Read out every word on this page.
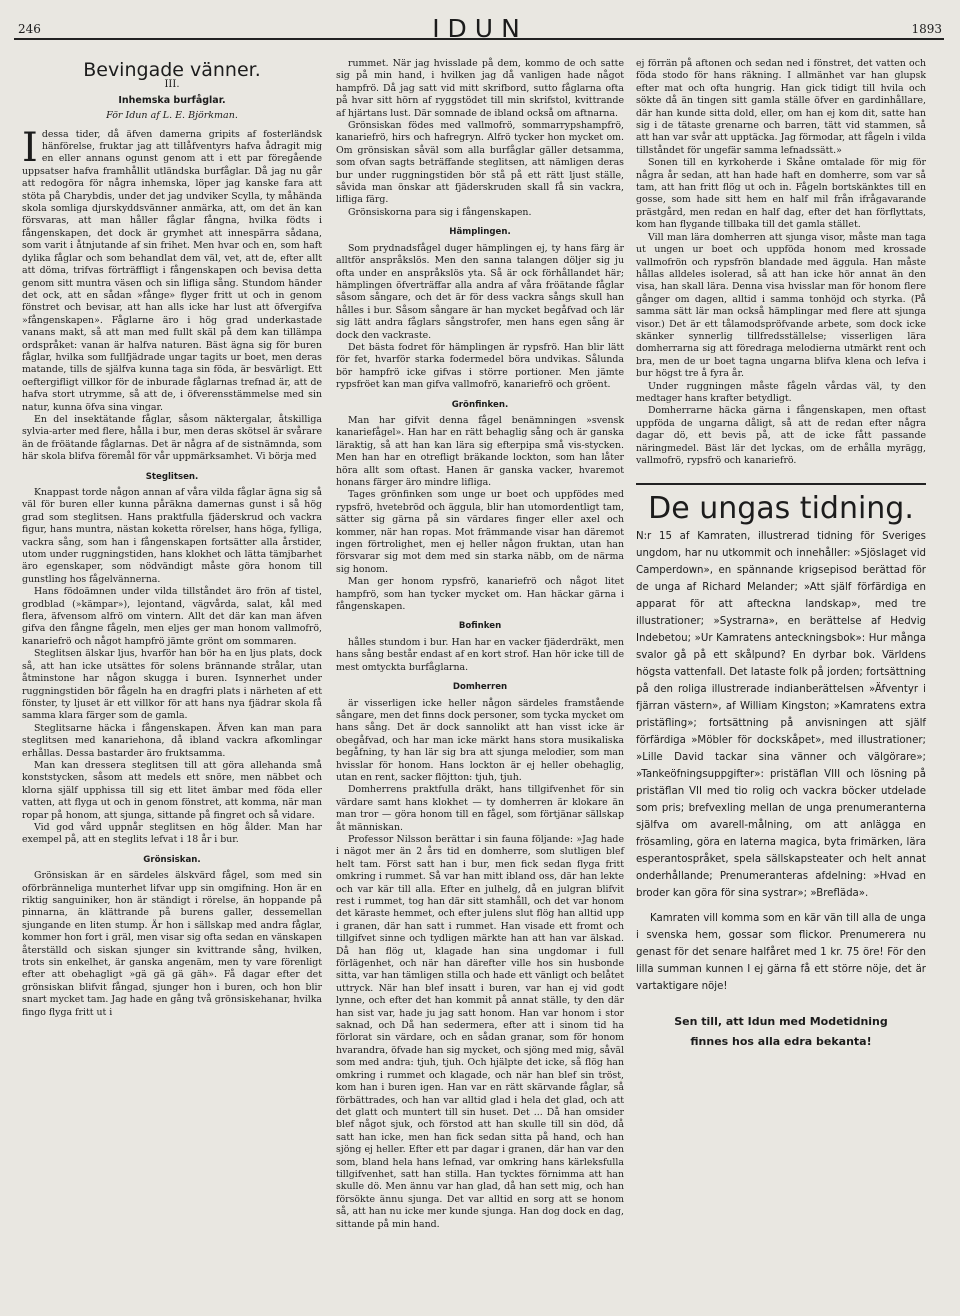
246	IDUN	1893
Bevingade vänner.
III.
Inhemska burfåglar.
För Idun af L. E. Björkman.

Idessa tider, då äfven damerna gripits af fosterländsk hänförelse, fruktar jag att tillåfventyrs hafva ådragit mig en eller annans ogunst genom att i ett par föregående uppsatser hafva framhållit utländska burfåglar. Då jag nu går att redogöra för några inhemska, löper jag kanske fara att stöta på Charybdis, under det jag undviker Scylla, ty måhända skola somliga djurskyddsvänner anmärka, att, om det än kan försvaras, att man håller fåglar fångna, hvilka födts i fångenskapen, det dock är grymhet att innespärra sådana, som varit i åtnjutande af sin frihet. Men hvar och en, som haft dylika fåglar och som behandlat dem väl, vet, att de, efter allt att döma, trifvas förträffligt i fångenskapen och bevisa detta genom sitt muntra väsen och sin lifliga sång. Stundom händer det ock, att en sådan »fånge» flyger fritt ut och in genom fönstret och bevisar, att han alls icke har lust att öfvergifva »fångenskapen». Fåglarne äro i hög grad underkastade vanans makt, så att man med fullt skäl på dem kan tillämpa ordspråket: vanan är halfva naturen. Bäst ägna sig för buren fåglar, hvilka som fullfjädrade ungar tagits ur boet, men deras matande, tills de själfva kunna taga sin föda, är besvärligt. Ett oeftergifligt villkor för de inburade fåglarnas trefnad är, att de hafva stort utrymme, så att de, i öfverensstämmelse med sin natur, kunna öfva sina vingar.

En del insektätande fåglar, såsom näktergalar, åtskilliga sylvia-arter med flere, hålla i bur, men deras skötsel är svårare än de fröätande fåglarnas. Det är några af de sistnämnda, som här skola blifva föremål för vår uppmärksamhet. Vi börja med

Steglitsen.

Knappast torde någon annan af våra vilda fåglar ägna sig så väl för buren eller kunna påräkna damernas gunst i så hög grad som steglitsen. Hans praktfulla fjäderskrud och vackra figur, hans muntra, nästan koketta rörelser, hans höga, fylliga, vackra sång, som han i fångenskapen fortsätter alla årstider, utom under ruggningstiden, hans klokhet och lätta tämjbarhet äro egenskaper, som nödvändigt måste göra honom till gunstling hos fågelvännerna.

Hans födoämnen under vilda tillståndet äro frön af tistel, grodblad (»kämpar»), lejontand, vägvårda, salat, kål med flera, äfvensom alfrö om vintern. Allt det där kan man äfven gifva den fångne fågeln, men eljes ger man honom vallmofrö, kanariefrö och något hampfrö jämte grönt om sommaren.

Steglitsen älskar ljus, hvarför han bör ha en ljus plats, dock så, att han icke utsättes för solens brännande strålar, utan åtminstone har någon skugga i buren. Isynnerhet under ruggningstiden bör fågeln ha en dragfri plats i närheten af ett fönster, ty ljuset är ett villkor för att hans nya fjädrar skola få samma klara färger som de gamla.

Steglitsarne häcka i fångenskapen. Äfven kan man para steglitsen med kanariehona, då ibland vackra afkomlingar erhållas. Dessa bastarder äro fruktsamma.

Man kan dressera steglitsen till att göra allehanda små konststycken, såsom att medels ett snöre, men näbbet och klorna själf upphissa till sig ett litet ämbar med föda eller vatten, att flyga ut och in genom fönstret, att komma, när man ropar på honom, att sjunga, sittande på fingret och så vidare.

Vid god vård uppnår steglitsen en hög ålder. Man har exempel på, att en steglits lefvat i 18 år i bur.

Grönsiskan.

Grönsiskan är en särdeles älskvärd fågel, som med sin oförbränneliga munterhet lifvar upp sin omgifning. Hon är en riktig sanguiniker, hon är ständigt i rörelse, än hoppande på pinnarna, än klättrande på burens galler, dessemellan sjungande en liten stump. Är hon i sällskap med andra fåglar, kommer hon fort i gräl, men visar sig ofta sedan en vänskapen återställd och siskan sjunger sin kvittrande sång, hvilken, trots sin enkelhet, är ganska angenäm, men ty vare förenligt efter att obehagligt »gä gä gä gäh». Få dagar efter det grönsiskan blifvit fångad, sjunger hon i buren, och hon blir snart mycket tam. Jag hade en gång två grönsiskehanar, hvilka fingo flyga fritt ut i

rummet. När jag hvisslade på dem, kommo de och satte sig på min hand, i hvilken jag då vanligen hade något hampfrö. Då jag satt vid mitt skrifbord, sutto fåglarna ofta på hvar sitt hörn af ryggstödet till min skrifstol, kvittrande af hjärtans lust. Där somnade de ibland också om aftnarna.

Grönsiskan födes med vallmofrö, sommarrypshampfrö, kanariefrö, hirs och hafregryn. Alfrö tycker hon mycket om. Om grönsiskan såväl som alla burfåglar gäller detsamma, som ofvan sagts beträffande steglitsen, att nämligen deras bur under ruggningstiden bör stå på ett rätt ljust ställe, såvida man önskar att fjäderskruden skall få sin vackra, lifliga färg.

Grönsiskorna para sig i fångenskapen.

Hämplingen.

Som prydnadsfågel duger hämplingen ej, ty hans färg är alltför anspråkslös. Men den sanna talangen döljer sig ju ofta under en anspråkslös yta. Så är ock förhållandet här; hämplingen öfverträffar alla andra af våra fröätande fåglar såsom sångare, och det är för dess vackra sångs skull han hålles i bur. Såsom sångare är han mycket begåfvad och lär sig lätt andra fåglars sångstrofer, men hans egen sång är dock den vackraste.

Det bästa fodret för hämplingen är rypsfrö. Han blir lätt för fet, hvarför starka fodermedel böra undvikas. Sålunda bör hampfrö icke gifvas i större portioner. Men jämte rypsfröet kan man gifva vallmofrö, kanariefrö och gröent.

Grönfinken.

Man har gifvit denna fågel benämningen »svensk kanariefågel». Han har en rätt behaglig sång och är ganska läraktig, så att han kan lära sig efterpipa små vis-stycken. Men han har en otrefligt bräkande lockton, som han låter höra allt som oftast. Hanen är ganska vacker, hvaremot honans färger äro mindre lifliga.

Tages grönfinken som unge ur boet och uppfödes med rypsfrö, hvetebröd och äggula, blir han utomordentligt tam, sätter sig gärna på sin värdares finger eller axel och kommer, när han ropas. Mot främmande visar han däremot ingen förtrolighet, men ej heller någon fruktan, utan han försvarar sig mot dem med sin starka näbb, om de närma sig honom.

Man ger honom rypsfrö, kanariefrö och något litet hampfrö, som han tycker mycket om. Han häckar gärna i fångenskapen.

Bofinken

hålles stundom i bur. Han har en vacker fjäderdräkt, men hans sång består endast af en kort strof. Han hör icke till de mest omtyckta burfåglarna.

Domherren

är visserligen icke heller någon särdeles framstående sångare, men det finns dock personer, som tycka mycket om hans sång. Det är dock sannolikt att han visst icke är obegåfvad, och har man icke märkt hans stora musikaliska begåfning, ty han lär sig bra att sjunga melodier, som man hvisslar för honom. Hans lockton är ej heller obehaglig, utan en rent, sacker flöjtton: tjuh, tjuh.

Domherrens praktfulla dräkt, hans tillgifvenhet för sin värdare samt hans klokhet — ty domherren är klokare än man tror — göra honom till en fågel, som förtjänar sällskap åt människan.

Professor Nilsson berättar i sin fauna följande: »Jag hade i nägot mer än 2 års tid en domherre, som slutligen blef helt tam. Först satt han i bur, men fick sedan flyga fritt omkring i rummet. Så var han mitt ibland oss, där han lekte och var kär till alla. Efter en julhelg, då en julgran blifvit rest i rummet, tog han där sitt stamhåll, och det var honom det käraste hemmet, och efter julens slut flög han alltid upp i granen, där han satt i rummet. Han visade ett fromt och tillgifvet sinne och tydligen märkte han att han var älskad. Då han flög ut, klagade han sina ungdomar i full förlägenhet, och när han därefter ville hos sin husbonde sitta, var han tämligen stilla och hade ett vänligt och belåtet uttryck. När han blef insatt i buren, var han ej vid godt lynne, och efter det han kommit på annat ställe, ty den där han sist var, hade ju jag satt honom. Han var honom i stor saknad, och Då han sedermera, efter att i sinom tid ha förlorat sin värdare, och en sådan granar, som för honom hvarandra, öfvade han sig mycket, och sjöng med mig, såväl som med andra: tjuh, tjuh. Och hjälpte det icke, så flög han omkring i rummet och klagade, och när han blef sin tröst, kom han i buren igen. Han var en rätt skärvande fåglar, så förbättrades, och han var alltid glad i hela det glad, och att det glatt och muntert till sin huset. Det ... Då han omsider blef något sjuk, och förstod att han skulle till sin död, då satt han icke, men han fick sedan sitta på hand, och han sjöng ej heller. Efter ett par dagar i granen, där han var den som, bland hela hans lefnad, var omkring hans kärleksfulla tillgifvenhet, satt han stilla. Han tycktes förnimma att han skulle dö. Men ännu var han glad, då han sett mig, och han försökte ännu sjunga. Det var alltid en sorg att se honom så, att han nu icke mer kunde sjunga. Han dog dock en dag, sittande på min hand.

ej förrän på aftonen och sedan ned i fönstret, det vatten och föda stodo för hans räkning. I allmänhet var han glupsk efter mat och ofta hungrig. Han gick tidigt till hvila och sökte då än tingen sitt gamla ställe öfver en gardinhållare, där han kunde sitta dold, eller, om han ej kom dit, satte han sig i de tätaste grenarne och barren, tätt vid stammen, så att han var svår att upptäcka. Jag förmodar, att fågeln i vilda tillståndet för ungefär samma lefnadssätt.»

Sonen till en kyrkoherde i Skåne omtalade för mig för några år sedan, att han hade haft en domherre, som var så tam, att han fritt flög ut och in. Fågeln bortskänktes till en gosse, som hade sitt hem en half mil från ifrågavarande prästgård, men redan en half dag, efter det han förflyttats, kom han flygande tillbaka till det gamla stället.

Vill man lära domherren att sjunga visor, måste man taga ut ungen ur boet och uppföda honom med krossade vallmofrön och rypsfrön blandade med äggula. Han måste hållas alldeles isolerad, så att han icke hör annat än den visa, han skall lära. Denna visa hvisslar man för honom flere gånger om dagen, alltid i samma tonhöjd och styrka. (På samma sätt lär man också hämplingar med flere att sjunga visor.) Det är ett tålamodspröfvande arbete, som dock icke skänker synnerlig tillfredsställelse; visserligen lära domherrarna sig att föredraga melodierna utmärkt rent och bra, men de ur boet tagna ungarna blifva klena och lefva i bur högst tre å fyra år.

Under ruggningen måste fågeln vårdas väl, ty den medtager hans krafter betydligt.

Domherrarne häcka gärna i fångenskapen, men oftast uppföda de ungarna dåligt, så att de redan efter några dagar dö, ett bevis på, att de icke fått passande näringmedel. Bäst lär det lyckas, om de erhålla myrägg, vallmofrö, rypsfrö och kanariefrö.

De ungas tidning.
N:r 15 af Kamraten, illustrerad tidning för Sveriges ungdom, har nu utkommit och innehåller: »Sjöslaget vid Camperdown», en spännande krigsepisod berättad för de unga af Richard Melander; »Att själf förfärdiga en apparat för att afteckna landskap», med tre illustrationer; »Systrarna», en berättelse af Hedvig Indebetou; »Ur Kamratens anteckningsbok»: Hur många svalor gå på ett skålpund? En dyrbar bok. Världens högsta vattenfall. Det lataste folk på jorden; fortsättning på den roliga illustrerade indianberättelsen »Äfventyr i fjärran västern», af William Kingston; »Kamratens extra pristäfling»; fortsättning på anvisningen att själf förfärdiga »Möbler för dockskåpet», med illustrationer; »Lille David tackar sina vänner och välgörare»; »Tankeöfningsuppgifter»: pristäflan VIII och lösning på pristäflan VII med tio rolig och vackra böcker utdelade som pris; brefvexling mellan de unga prenumeranterna själfva om avarell-målning, om att anlägga en frösamling, göra en laterna magica, byta frimärken, lära esperantospråket, spela sällskapsteater och helt annat onderhållande; Prenumeranteras afdelning: »Hvad en broder kan göra för sina systrar»; »Brefläda».
Kamraten vill komma som en kär vän till alla de unga i svenska hem, gossar som flickor. Prenumerera nu genast för det senare halfåret med 1 kr. 75 öre! För den lilla summan kunnen I ej gärna få ett större nöje, det är vartaktigare nöje!
Sen till, att Idun med Modetidning
finnes hos alla edra bekanta!
